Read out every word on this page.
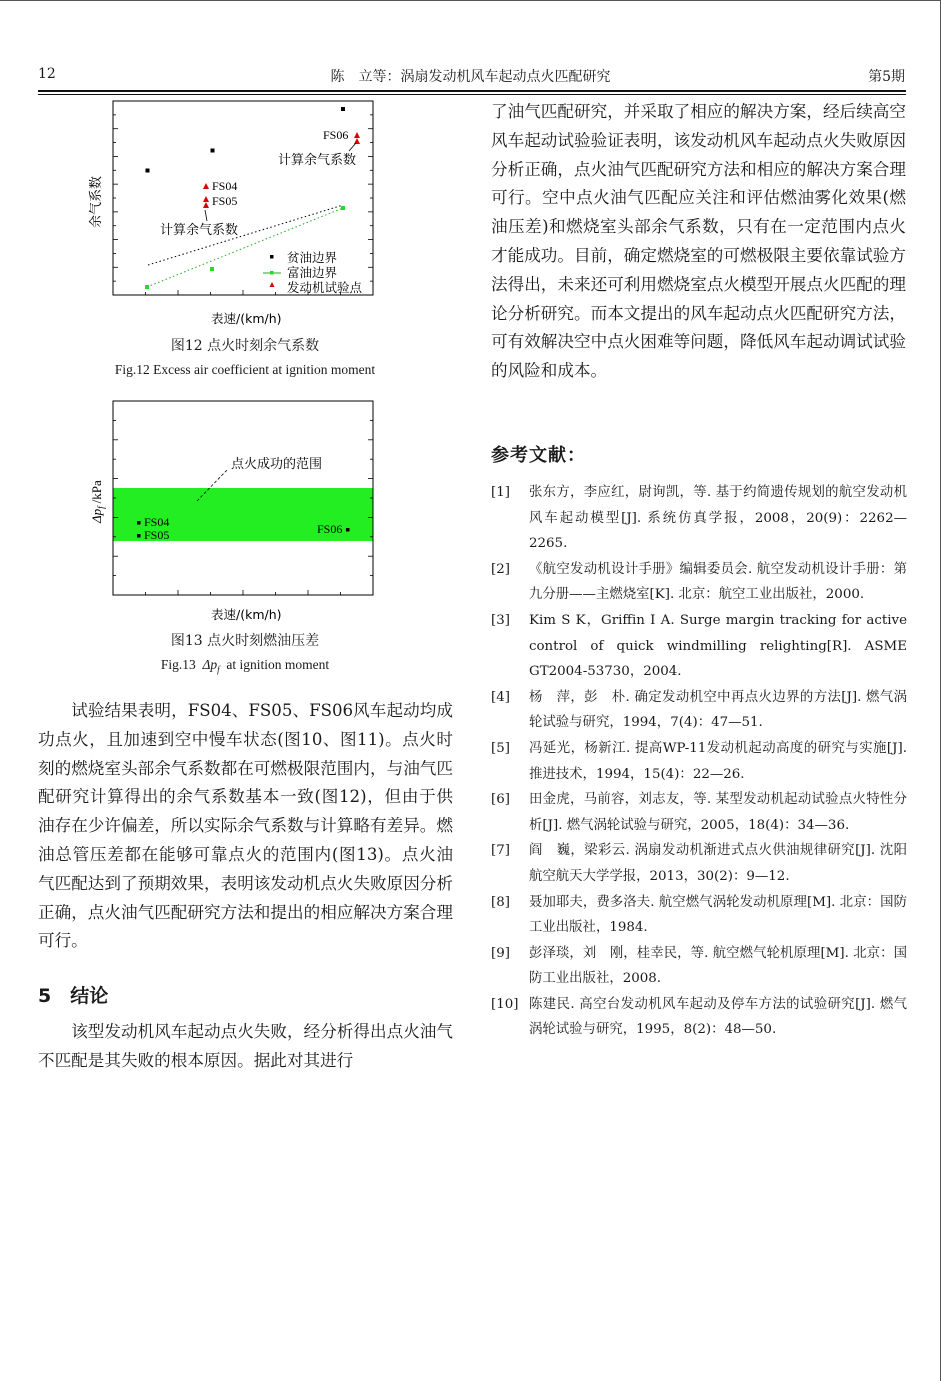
12	陈　立等：涡扇发动机风车起动点火匹配研究	第5期
FS06
FS04
FS05
计算余气系数
计算余气系数
贫油边界
富油边界
发动机试验点
表速/(km/h)
余气系数
图12 点火时刻余气系数
Fig.12 Excess air coefficient at ignition moment
FS04
FS05	FS06
点火成功的范围
表速/(km/h)
$\Delta p_f$/kPa
图13 点火时刻燃油压差
Fig.13 $\Delta p_f$ at ignition moment

试验结果表明，FS04、FS05、FS06风车起动均成功点火，且加速到空中慢车状态(图10、图11)。点火时刻的燃烧室头部余气系数都在可燃极限范围内，与油气匹配研究计算得出的余气系数基本一致(图12)，但由于供油存在少许偏差，所以实际余气系数与计算略有差异。燃油总管压差都在能够可靠点火的范围内(图13)。点火油气匹配达到了预期效果，表明该发动机点火失败原因分析正确，点火油气匹配研究方法和提出的相应解决方案合理可行。

5　结论

该型发动机风车起动点火失败，经分析得出点火油气不匹配是其失败的根本原因。据此对其进行

了油气匹配研究，并采取了相应的解决方案，经后续高空风车起动试验验证表明，该发动机风车起动点火失败原因分析正确，点火油气匹配研究方法和相应的解决方案合理可行。空中点火油气匹配应关注和评估燃油雾化效果(燃油压差)和燃烧室头部余气系数，只有在一定范围内点火才能成功。目前，确定燃烧室的可燃极限主要依靠试验方法得出，未来还可利用燃烧室点火模型开展点火匹配的理论分析研究。而本文提出的风车起动点火匹配研究方法，可有效解决空中点火困难等问题，降低风车起动调试试验的风险和成本。

参考文献：
[1] 张东方，李应红，尉询凯，等. 基于约简遗传规划的航空发动机风车起动模型[J]. 系统仿真学报，2008，20(9)：2262—2265.
[2] 《航空发动机设计手册》编辑委员会. 航空发动机设计手册：第九分册——主燃烧室[K]. 北京：航空工业出版社，2000.
[3] Kim S K，Griffin I A. Surge margin tracking for active control of quick windmilling relighting[R]. ASME GT2004-53730，2004.
[4] 杨　萍，彭　朴. 确定发动机空中再点火边界的方法[J]. 燃气涡轮试验与研究，1994，7(4)：47—51.
[5] 冯延光，杨新江. 提高WP-11发动机起动高度的研究与实施[J]. 推进技术，1994，15(4)：22—26.
[6] 田金虎，马前容，刘志友，等. 某型发动机起动试验点火特性分析[J]. 燃气涡轮试验与研究，2005，18(4)：34—36.
[7] 阎　巍，梁彩云. 涡扇发动机渐进式点火供油规律研究[J]. 沈阳航空航天大学学报，2013，30(2)：9—12.
[8] 聂加耶夫，费多洛夫. 航空燃气涡轮发动机原理[M]. 北京：国防工业出版社，1984.
[9] 彭泽琰，刘　刚，桂幸民，等. 航空燃气轮机原理[M]. 北京：国防工业出版社，2008.
[10] 陈建民. 高空台发动机风车起动及停车方法的试验研究[J]. 燃气涡轮试验与研究，1995，8(2)：48—50.
